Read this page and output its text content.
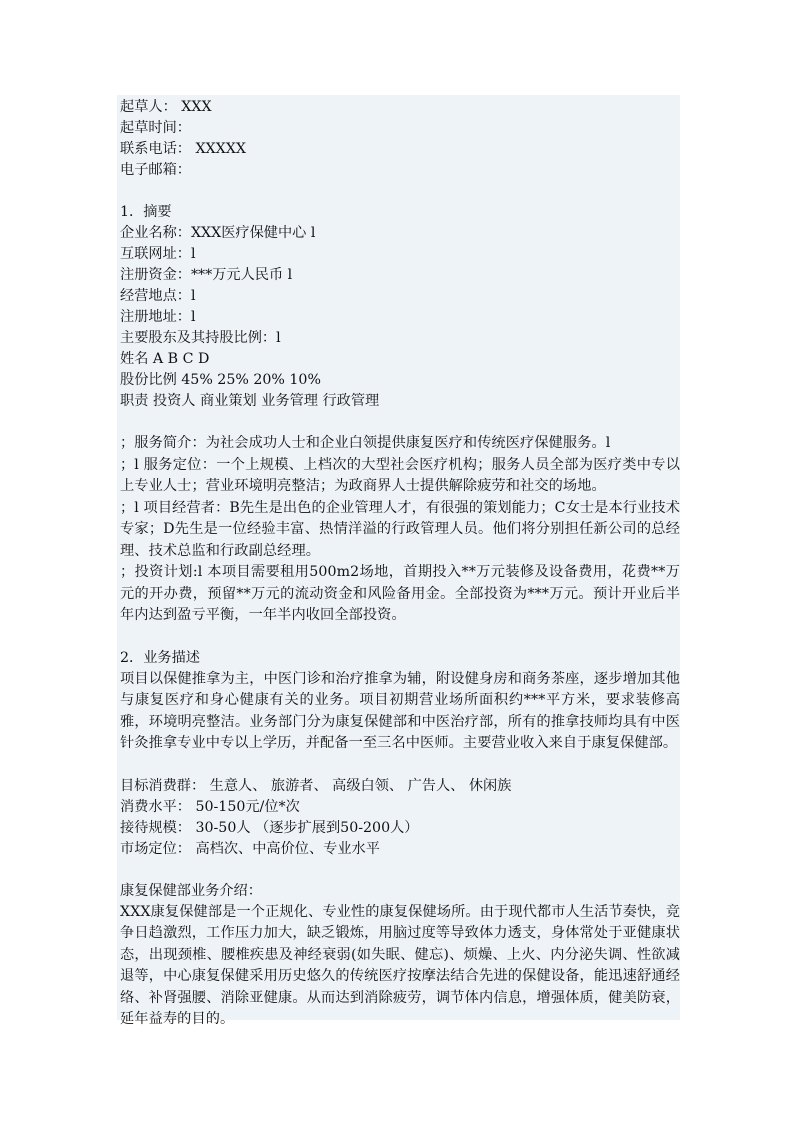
起草人： XXX
起草时间：
联系电话： XXXXX
电子邮箱：
1．摘要
企业名称：XXX医疗保健中心 l
互联网址：l
注册资金：***万元人民币 l
经营地点：l
注册地址：l
主要股东及其持股比例：l
姓名 A B C D
股份比例 45% 25% 20% 10%
职责 投资人 商业策划 业务管理 行政管理
；服务简介：为社会成功人士和企业白领提供康复医疗和传统医疗保健服务。l
；l 服务定位：一个上规模、上档次的大型社会医疗机构；服务人员全部为医疗类中专以上专业人士；营业环境明亮整洁；为政商界人士提供解除疲劳和社交的场地。
；l 项目经营者：B先生是出色的企业管理人才，有很强的策划能力；C女士是本行业技术专家；D先生是一位经验丰富、热情洋溢的行政管理人员。他们将分别担任新公司的总经理、技术总监和行政副总经理。
；投资计划:l 本项目需要租用500m2场地，首期投入**万元装修及设备费用，花费**万元的开办费，预留**万元的流动资金和风险备用金。全部投资为***万元。预计开业后半年内达到盈亏平衡，一年半内收回全部投资。
2．业务描述
项目以保健推拿为主，中医门诊和治疗推拿为辅，附设健身房和商务茶座，逐步增加其他与康复医疗和身心健康有关的业务。项目初期营业场所面积约***平方米，要求装修高雅，环境明亮整洁。业务部门分为康复保健部和中医治疗部，所有的推拿技师均具有中医针灸推拿专业中专以上学历，并配备一至三名中医师。主要营业收入来自于康复保健部。
目标消费群： 生意人、 旅游者、 高级白领、 广告人、 休闲族
消费水平： 50-150元/位*次
接待规模： 30-50人 （逐步扩展到50-200人）
市场定位： 高档次、中高价位、专业水平
康复保健部业务介绍：
XXX康复保健部是一个正规化、专业性的康复保健场所。由于现代都市人生活节奏快，竞争日趋激烈，工作压力加大，缺乏锻炼，用脑过度等导致体力透支，身体常处于亚健康状态，出现颈椎、腰椎疾患及神经衰弱(如失眠、健忘)、烦燥、上火、内分泌失调、性欲减退等，中心康复保健采用历史悠久的传统医疗按摩法结合先进的保健设备，能迅速舒通经络、补肾强腰、消除亚健康。从而达到消除疲劳，调节体内信息，增强体质，健美防衰，延年益寿的目的。
